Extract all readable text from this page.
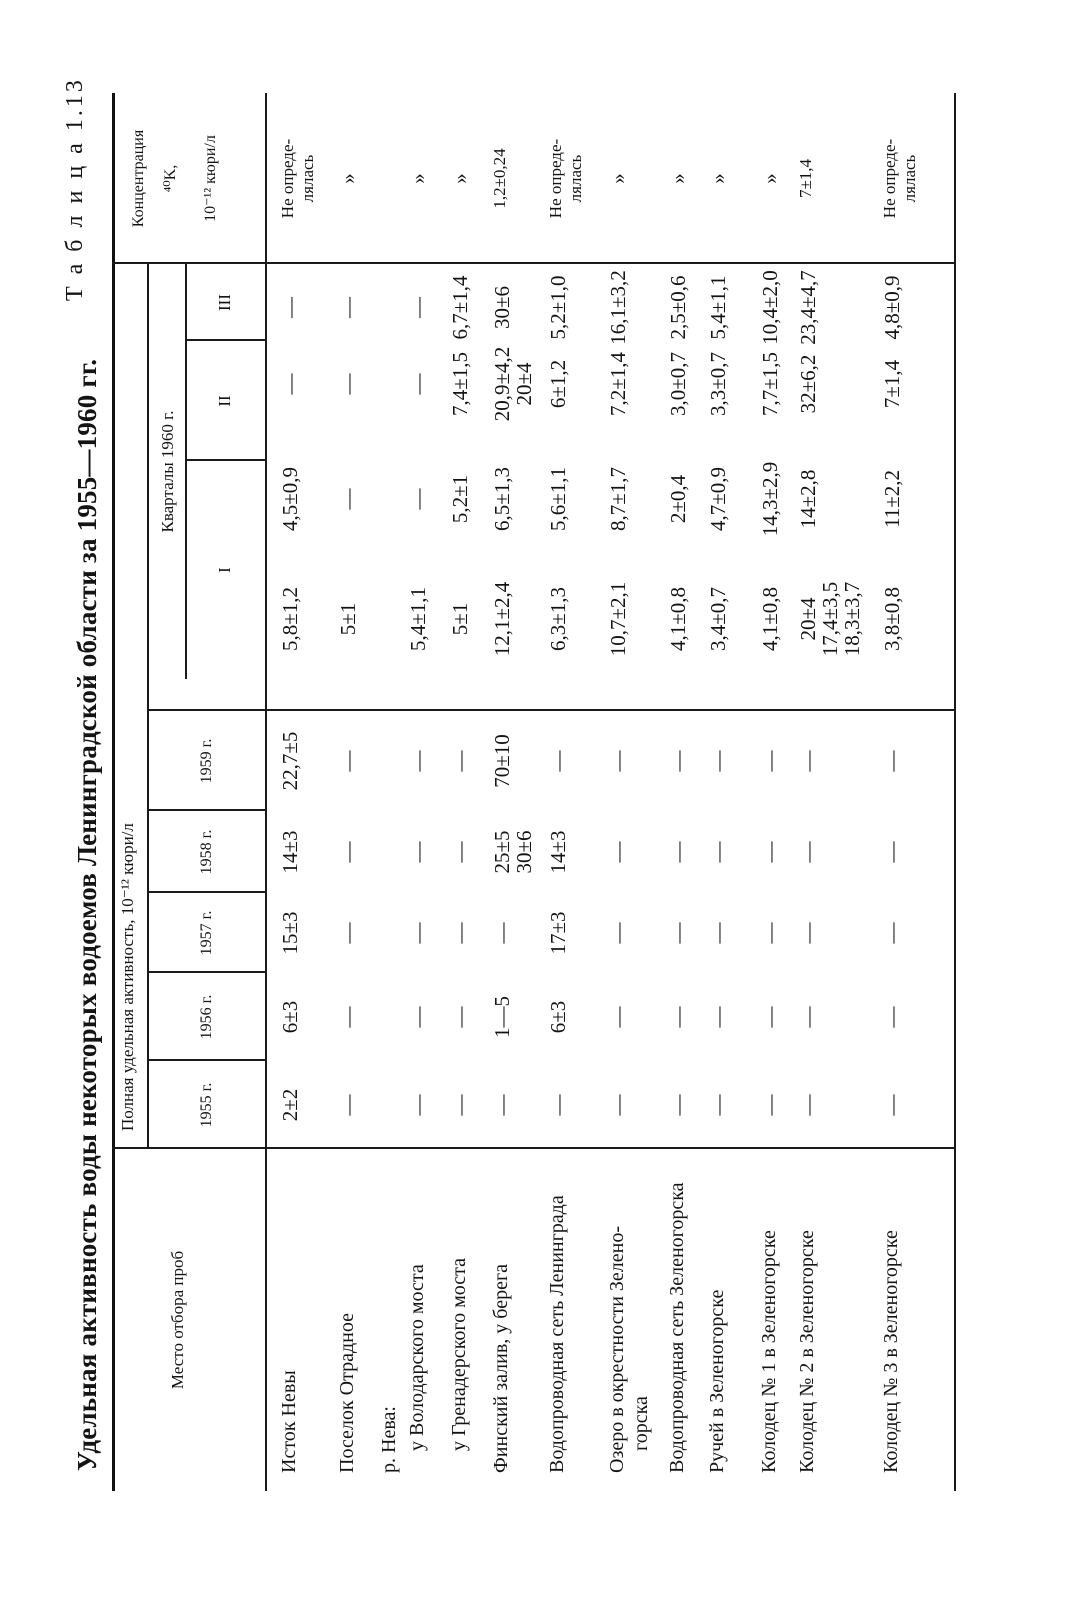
Т а б л и ц а 1.13
Удельная активность воды некоторых водоемов Ленинградской области за 1955—1960 гг.	Место отбора проб
Полная удельная активность, 10⁻¹² кюри/л	1955 г.
1956 г.
1957 г.
1958 г.
1959 г.
Кварталы 1960 г.
I
II
III
Концентрация ⁴⁰K, 10⁻¹² кюри/л
Исток Невы
2±2
6±3
15±3
14±3
22,7±5
5,8±1,2
4,5±0,9
—
—
Не опреде- лялась
Поселок Отрадное
—
—
—
—
—
5±1
—
—
—
»
р. Нева: у Володарского моста
—
—
—
—
—
5,4±1,1
—
—
—
»
у Гренадерского моста
—
—
—
—
—
5±1
5,2±1
7,4±1,5
6,7±1,4
»
Финский залив, у берега
—
1—5
—
25±5
30±6
70±10
12,1±2,4
6,5±1,3
20,9±4,2
20±4
30±6
1,2±0,24
Водопроводная сеть Ленинграда
—
6±3
17±3
14±3
—
6,3±1,3
5,6±1,1
6±1,2
5,2±1,0
Не опреде- лялась
Озеро в окрестности Зелено- горска
—
—
—
—
—
10,7±2,1
8,7±1,7
7,2±1,4
16,1±3,2
»
Водопроводная сеть Зеленогорска
—
—
—
—
—
4,1±0,8
2±0,4
3,0±0,7
2,5±0,6
»
Ручей в Зеленогорске
—
—
—
—
—
3,4±0,7
4,7±0,9
3,3±0,7
5,4±1,1
»
Колодец № 1 в Зеленогорске
—
—
—
—
—
4,1±0,8
14,3±2,9
7,7±1,5
10,4±2,0
»
Колодец № 2 в Зеленогорске
—
—
—
—
—
20±4
17,4±3,5
18,3±3,7
14±2,8
32±6,2
23,4±4,7
7±1,4
Колодец № 3 в Зеленогорске
—
—
—
—
—
3,8±0,8
11±2,2
7±1,4
4,8±0,9
Не опреде- лялась
